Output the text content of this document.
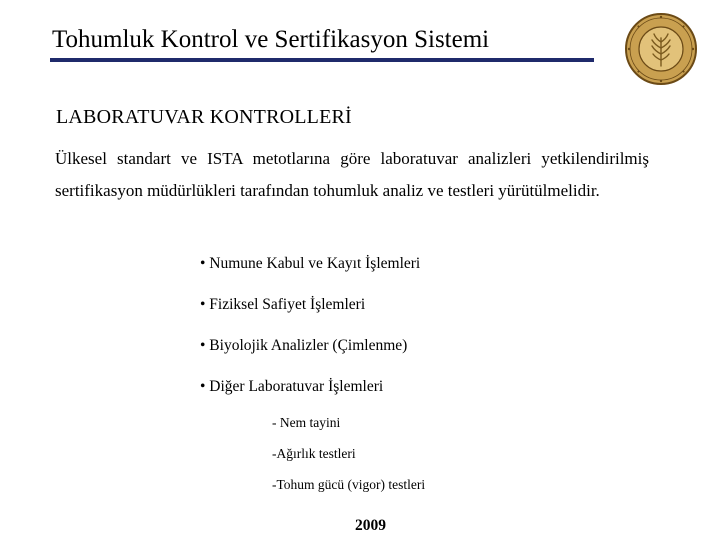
Tohumluk Kontrol ve Sertifikasyon Sistemi
LABORATUVAR KONTROLLERİ
Ülkesel standart ve ISTA metotlarına göre laboratuvar analizleri yetkilendirilmiş sertifikasyon müdürlükleri tarafından tohumluk analiz ve testleri yürütülmelidir.
• Numune Kabul ve Kayıt İşlemleri
• Fiziksel Safiyet İşlemleri
• Biyolojik Analizler (Çimlenme)
• Diğer Laboratuvar İşlemleri
- Nem tayini
-Ağırlık testleri
-Tohum gücü (vigor) testleri
2009
